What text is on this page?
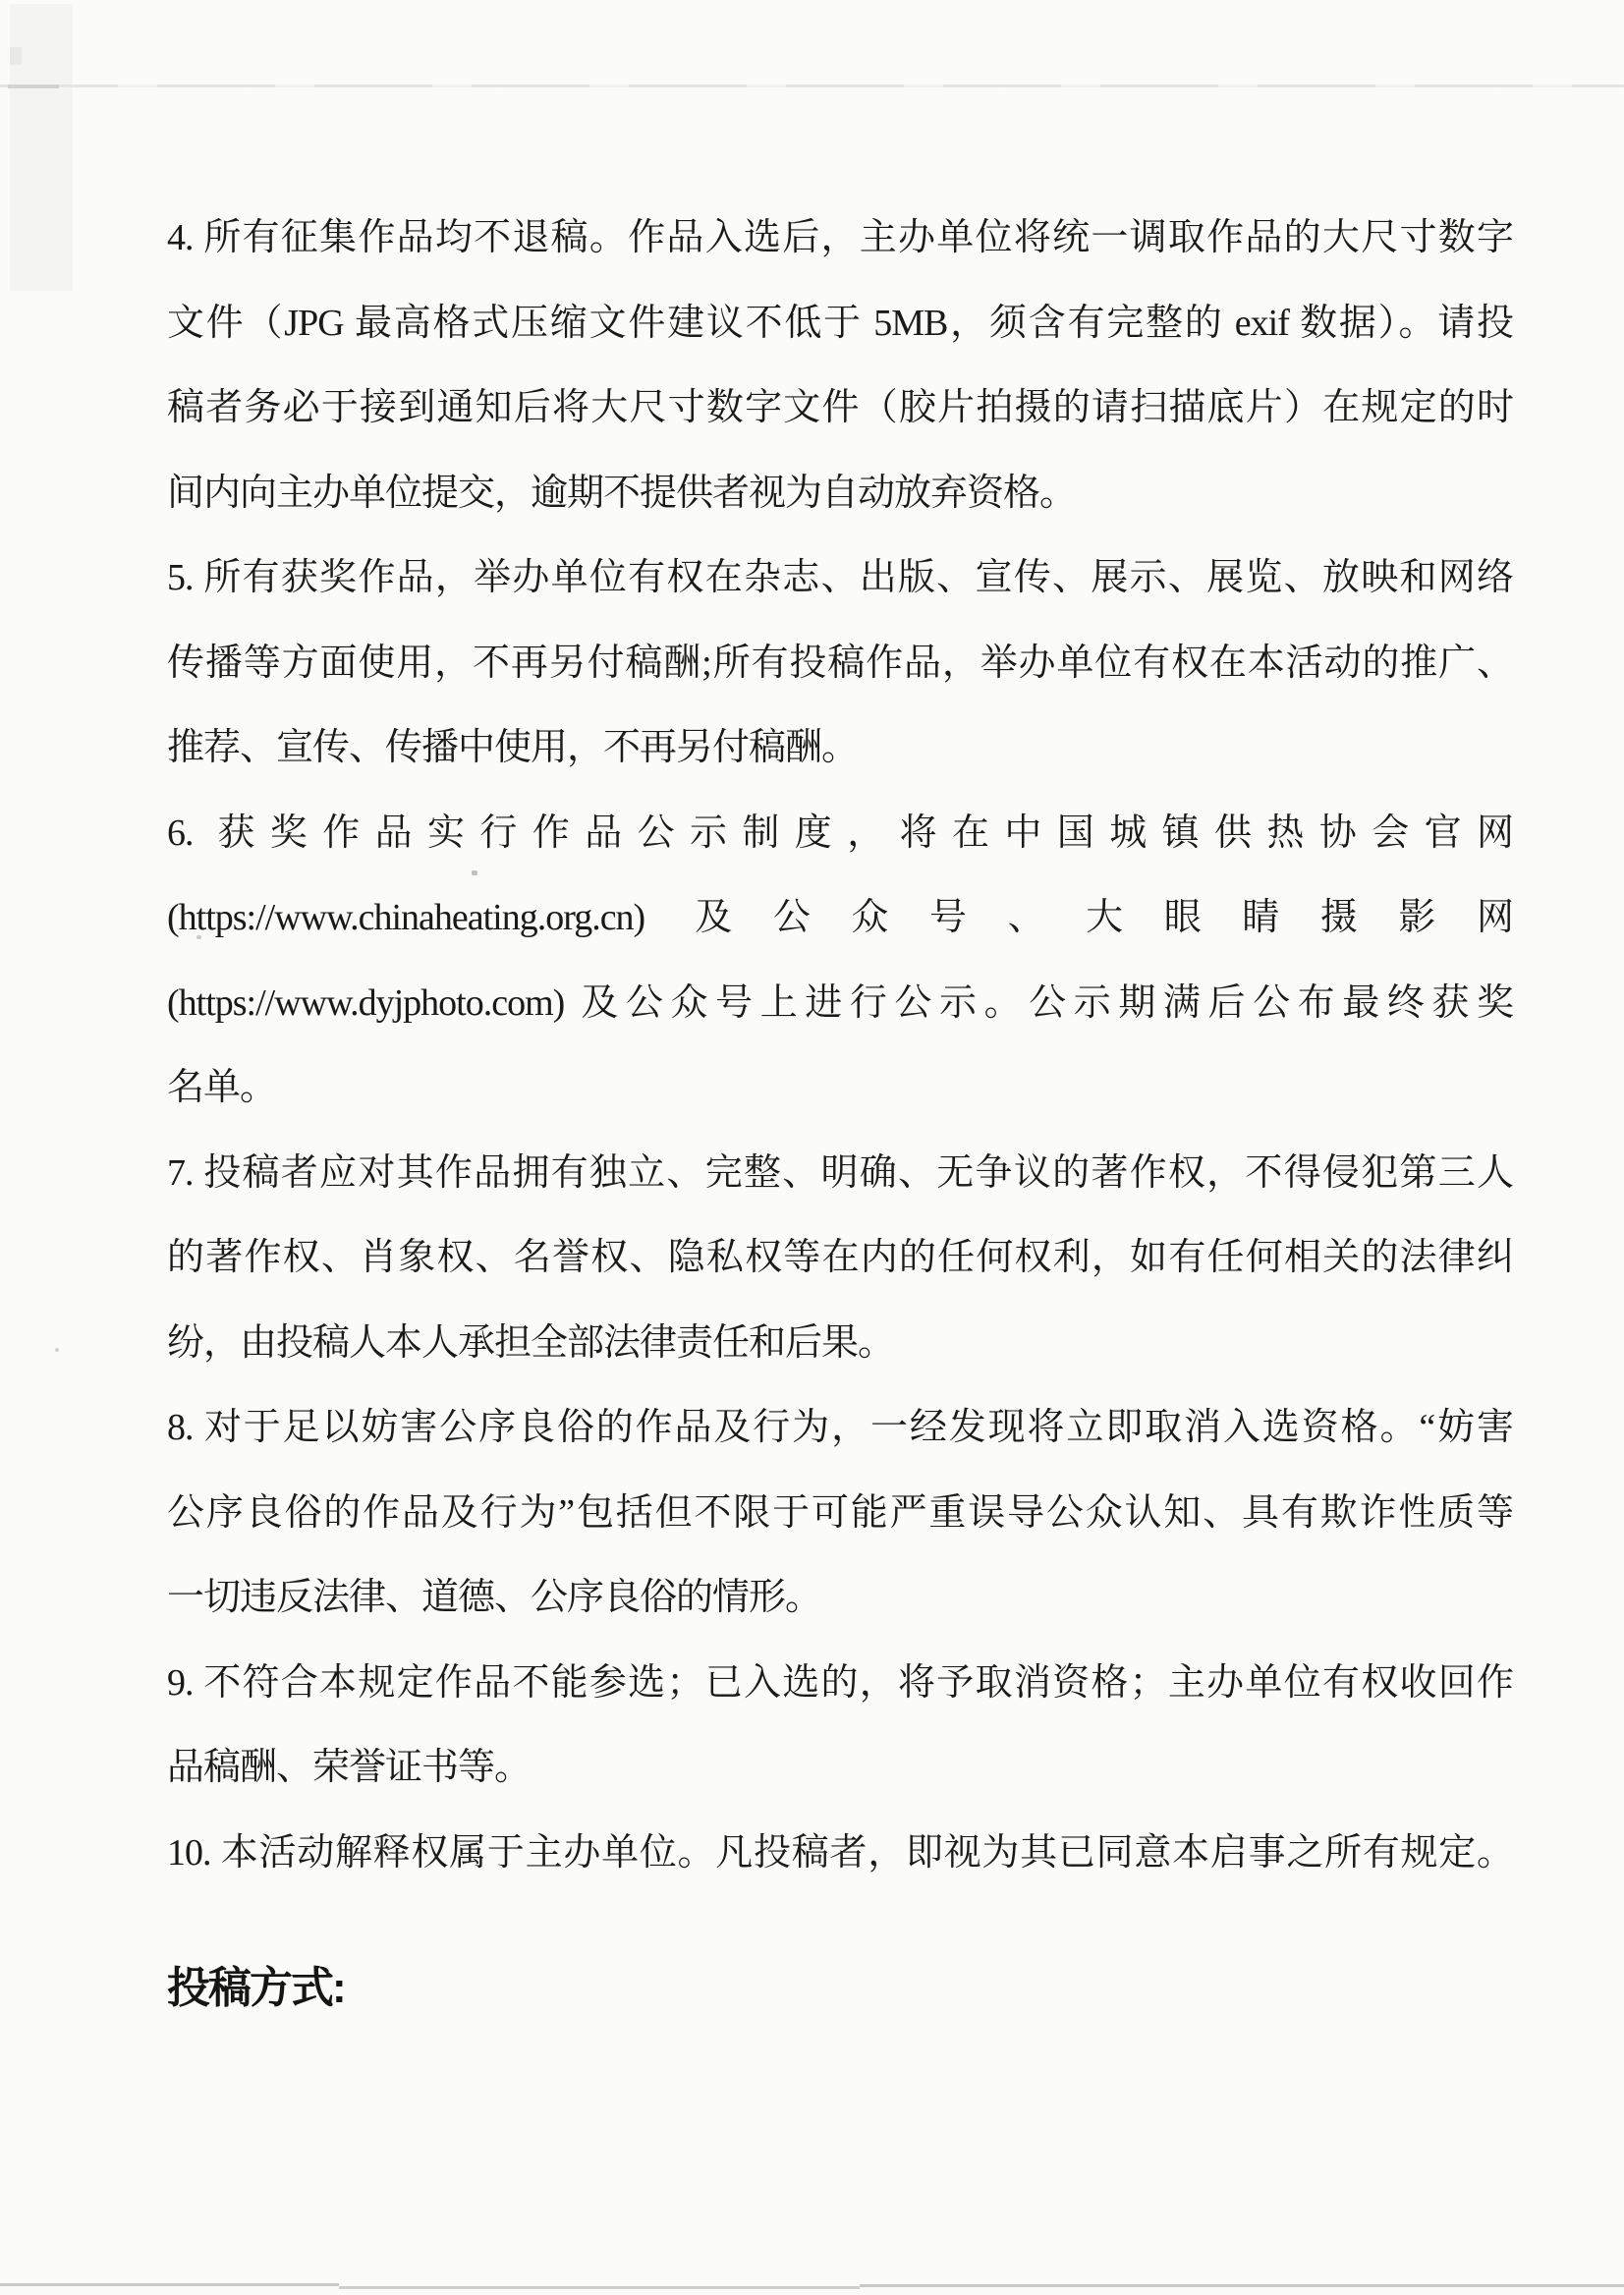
4. 所有征集作品均不退稿。作品入选后，主办单位将统一调取作品的大尺寸数字
文件（JPG 最高格式压缩文件建议不低于 5MB，须含有完整的 exif 数据）。请投
稿者务必于接到通知后将大尺寸数字文件（胶片拍摄的请扫描底片）在规定的时
间内向主办单位提交，逾期不提供者视为自动放弃资格。
5. 所有获奖作品，举办单位有权在杂志、出版、宣传、展示、展览、放映和网络
传播等方面使用，不再另付稿酬;所有投稿作品，举办单位有权在本活动的推广、
推荐、宣传、传播中使用，不再另付稿酬。
6. 获奖作品实行作品公示制度，将在中国城镇供热协会官网
(https://www.chinaheating.org.cn) 及公众号、大眼睛摄影网
(https://www.dyjphoto.com) 及公众号上进行公示。公示期满后公布最终获奖
名单。
7. 投稿者应对其作品拥有独立、完整、明确、无争议的著作权，不得侵犯第三人
的著作权、肖象权、名誉权、隐私权等在内的任何权利，如有任何相关的法律纠
纷，由投稿人本人承担全部法律责任和后果。
8. 对于足以妨害公序良俗的作品及行为，一经发现将立即取消入选资格。“妨害
公序良俗的作品及行为”包括但不限于可能严重误导公众认知、具有欺诈性质等
一切违反法律、道德、公序良俗的情形。
9. 不符合本规定作品不能参选；已入选的，将予取消资格；主办单位有权收回作
品稿酬、荣誉证书等。
10. 本活动解释权属于主办单位。凡投稿者，即视为其已同意本启事之所有规定。
投稿方式:
